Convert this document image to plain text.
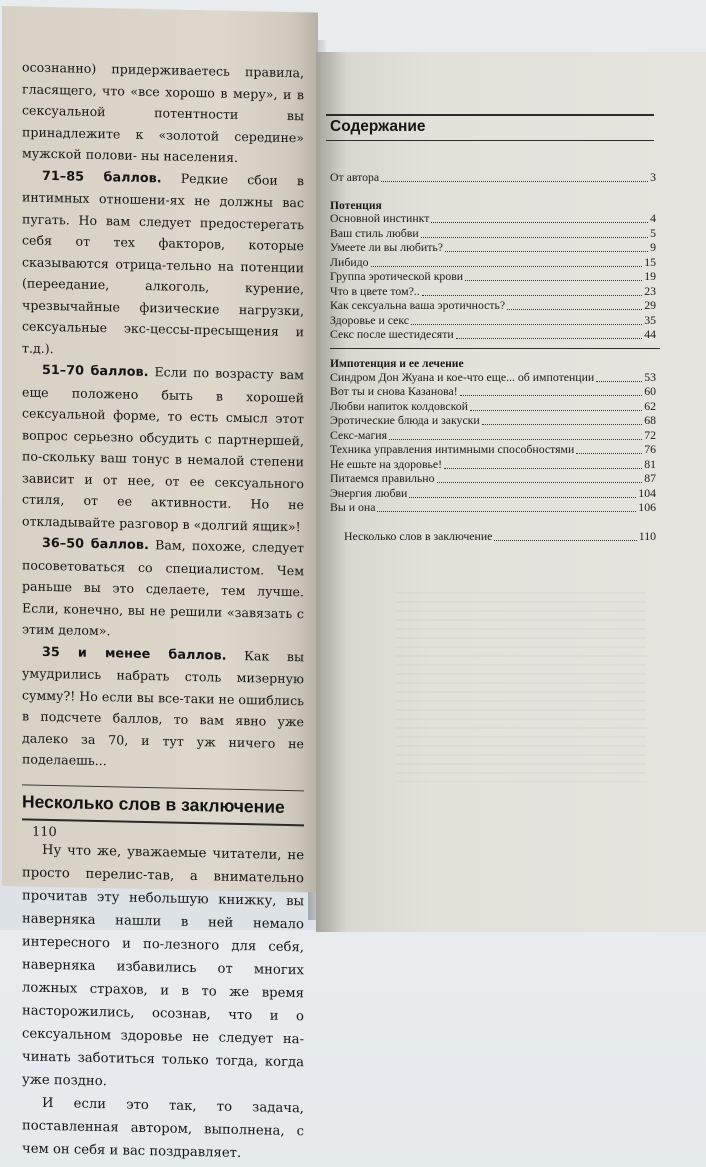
осознанно) придерживаетесь правила, гласящего, что «все хорошо в меру», и в сексуальной потентности вы принадлежите к «золотой середине» мужской полови- ны населения.

71–85 баллов. Редкие сбои в интимных отношени-ях не должны вас пугать. Но вам следует предостерегать себя от тех факторов, которые сказываются отрица-тельно на потенции (переедание, алкоголь, курение, чрезвычайные физические нагрузки, сексуальные экс-цессы-пресыщения и т.д.).

51–70 баллов. Если по возрасту вам еще положено быть в хорошей сексуальной форме, то есть смысл этот вопрос серьезно обсудить с партнершей, по-скольку ваш тонус в немалой степени зависит и от нее, от ее сексуального стиля, от ее активности. Но не откладывайте разговор в «долгий ящик»!

36–50 баллов. Вам, похоже, следует посоветоваться со специалистом. Чем раньше вы это сделаете, тем лучше. Если, конечно, вы не решили «завязать с этим делом».

35 и менее баллов. Как вы умудрились набрать столь мизерную сумму?! Но если вы все-таки не ошиблись в подсчете баллов, то вам явно уже далеко за 70, и тут уж ничего не поделаешь...

Несколько слов в заключение

Ну что же, уважаемые читатели, не просто перелис-тав, а внимательно прочитав эту небольшую книжку, вы наверняка нашли в ней немало интересного и по-лезного для себя, наверняка избавились от многих ложных страхов, и в то же время насторожились, осознав, что и о сексуальном здоровье не следует на-чинать заботиться только тогда, когда уже поздно.

И если это так, то задача, поставленная автором, выполнена, с чем он себя и вас поздравляет.

110
Содержание
От автора	3
Потенция
Основной инстинкт	4
Ваш стиль любви	5
Умеете ли вы любить?	9
Либидо	15
Группа эротической крови	19
Что в цвете том?..	23
Как сексуальна ваша эротичность?	29
Здоровье и секс	35
Секс после шестидесяти	44
Импотенция и ее лечение
Синдром Дон Жуана и кое-что еще... об импотенции	53
Вот ты и снова Казанова!	60
Любви напиток колдовской	62
Эротические блюда и закуски	68
Секс-магия	72
Техника управления интимными способностями	76
Не ешьте на здоровье!	81
Питаемся правильно	87
Энергия любви	104
Вы и она	106
Несколько слов в заключение	110
